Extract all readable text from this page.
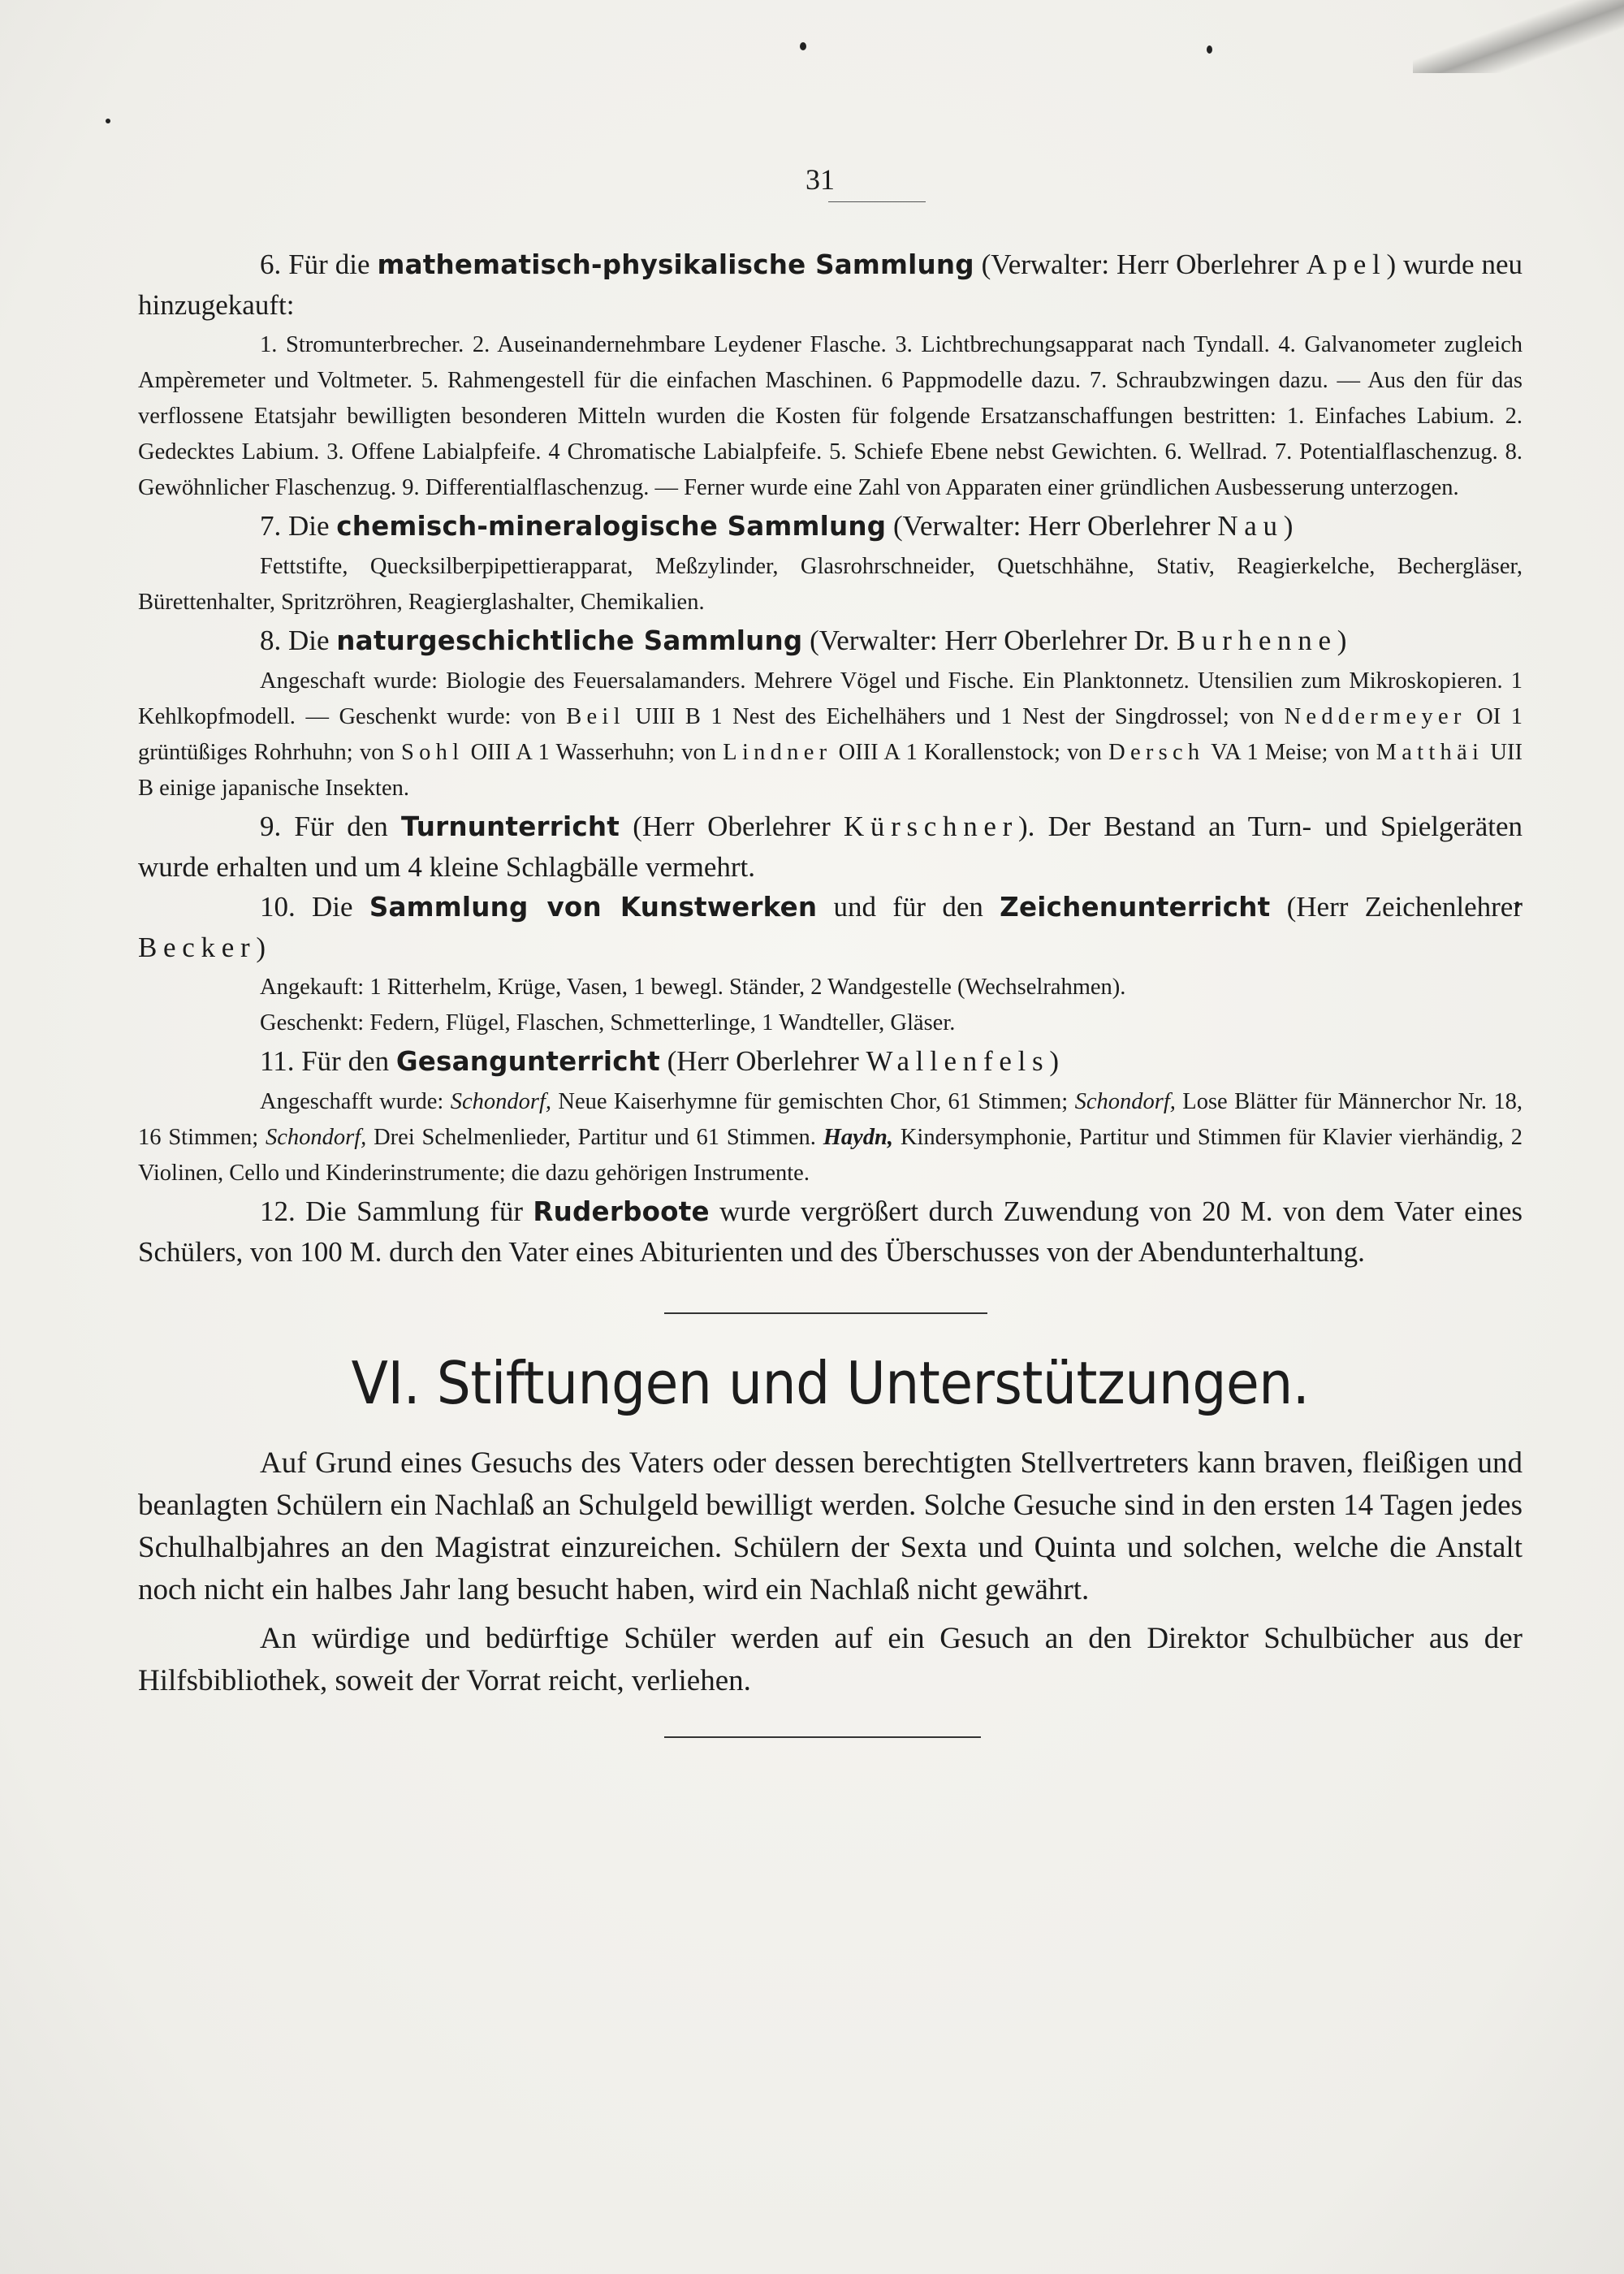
31

6. Für die mathematisch-physikalische Sammlung (Verwalter: Herr Oberlehrer Apel) wurde neu hinzugekauft:

1. Stromunterbrecher. 2. Auseinandernehmbare Leydener Flasche. 3. Lichtbrechungsapparat nach Tyndall. 4. Galvanometer zugleich Ampèremeter und Voltmeter. 5. Rahmengestell für die einfachen Maschinen. 6 Pappmodelle dazu. 7. Schraubzwingen dazu. — Aus den für das verflossene Etatsjahr bewilligten besonderen Mitteln wurden die Kosten für folgende Ersatzanschaffungen bestritten: 1. Einfaches Labium. 2. Gedecktes Labium. 3. Offene Labialpfeife. 4 Chromatische Labialpfeife. 5. Schiefe Ebene nebst Gewichten. 6. Wellrad. 7. Potentialflaschenzug. 8. Gewöhnlicher Flaschenzug. 9. Differentialflaschenzug. — Ferner wurde eine Zahl von Apparaten einer gründlichen Ausbesserung unterzogen.

7. Die chemisch-mineralogische Sammlung (Verwalter: Herr Oberlehrer Nau)

Fettstifte, Quecksilberpipettierapparat, Meßzylinder, Glasrohrschneider, Quetschhähne, Stativ, Reagierkelche, Bechergläser, Bürettenhalter, Spritzröhren, Reagierglashalter, Chemikalien.

8. Die naturgeschichtliche Sammlung (Verwalter: Herr Oberlehrer Dr. Burhenne)

Angeschaft wurde: Biologie des Feuersalamanders. Mehrere Vögel und Fische. Ein Planktonnetz. Utensilien zum Mikroskopieren. 1 Kehlkopfmodell. — Geschenkt wurde: von Beil UIII B 1 Nest des Eichelhähers und 1 Nest der Singdrossel; von Neddermeyer OI 1 grüntüßiges Rohrhuhn; von Sohl OIII A 1 Wasserhuhn; von Lindner OIII A 1 Korallenstock; von Dersch VA 1 Meise; von Matthäi UII B einige japanische Insekten.

9. Für den Turnunterricht (Herr Oberlehrer Kürschner). Der Bestand an Turn- und Spielgeräten wurde erhalten und um 4 kleine Schlagbälle vermehrt.

10. Die Sammlung von Kunstwerken und für den Zeichenunterricht (Herr Zeichenlehrer Becker)

Angekauft: 1 Ritterhelm, Krüge, Vasen, 1 bewegl. Ständer, 2 Wandgestelle (Wechselrahmen).

Geschenkt: Federn, Flügel, Flaschen, Schmetterlinge, 1 Wandteller, Gläser.

11. Für den Gesangunterricht (Herr Oberlehrer Wallenfels)

Angeschafft wurde: Schondorf, Neue Kaiserhymne für gemischten Chor, 61 Stimmen; Schondorf, Lose Blätter für Männerchor Nr. 18, 16 Stimmen; Schondorf, Drei Schelmenlieder, Partitur und 61 Stimmen. Haydn, Kindersymphonie, Partitur und Stimmen für Klavier vierhändig, 2 Violinen, Cello und Kinderinstrumente; die dazu gehörigen Instrumente.

12. Die Sammlung für Ruderboote wurde vergrößert durch Zuwendung von 20 M. von dem Vater eines Schülers, von 100 M. durch den Vater eines Abiturienten und des Überschusses von der Abendunterhaltung.

VI. Stiftungen und Unterstützungen.

Auf Grund eines Gesuchs des Vaters oder dessen berechtigten Stellvertreters kann braven, fleißigen und beanlagten Schülern ein Nachlaß an Schulgeld bewilligt werden. Solche Gesuche sind in den ersten 14 Tagen jedes Schulhalbjahres an den Magistrat einzureichen. Schülern der Sexta und Quinta und solchen, welche die Anstalt noch nicht ein halbes Jahr lang besucht haben, wird ein Nachlaß nicht gewährt.

An würdige und bedürftige Schüler werden auf ein Gesuch an den Direktor Schulbücher aus der Hilfsbibliothek, soweit der Vorrat reicht, verliehen.
